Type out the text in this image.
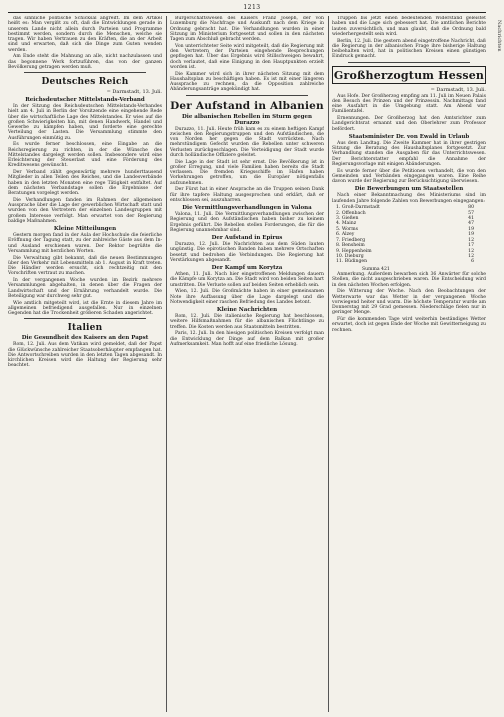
1213
Nachrichten

das sinnliche politische Schicksal angreift. Im dem Artikel heißt es: Man vergißt zu oft, daß die Entwicklungen gerade in unserem Lande nicht allein durch Parteien und Programme bestimmt werden, sondern durch die Menschen, welche sie tragen. Wir haben Vertrauen zu den Kräften, die an der Arbeit sind und erwarten, daß sich die Dinge zum Guten wenden werden.

Am Ende steht die Mahnung an alle, nicht nachzulassen und das begonnene Werk fortzuführen, das von der ganzen Bevölkerung getragen werden muß.

Deutsches Reich
= Darmstadt, 13. Juli.
Reichsdeutscher Mittelstands-Verband

In der Sitzung des Reichsdeutschen Mittelstands-Verbandes hielt am 4. Juli in Berlin der Vorsitzende eine eingehende Rede über die wirtschaftliche Lage des Mittelstandes. Er wies auf die großen Schwierigkeiten hin, mit denen Handwerk, Handel und Gewerbe zu kämpfen haben, und forderte eine gerechte Verteilung der Lasten. Die Versammlung stimmte den Ausführungen einmütig zu.

Es wurde ferner beschlossen, eine Eingabe an die Reichsregierung zu richten, in der die Wünsche des Mittelstandes dargelegt werden sollen. Insbesondere wird eine Erleichterung der Steuerlast und eine Förderung des Kreditwesens gewünscht.

Der Verband zählt gegenwärtig mehrere hunderttausend Mitglieder in allen Teilen des Reiches, und die Landesverbände haben in den letzten Monaten eine rege Tätigkeit entfaltet. Auf dem nächsten Verbandstage sollen die Ergebnisse der Beratungen vorgelegt werden.

Die Verhandlungen fanden im Rahmen der allgemeinen Aussprache über die Lage der gewerblichen Wirtschaft statt und wurden von den Vertretern der einzelnen Landesgruppen mit großem Interesse verfolgt. Man erwartet von der Regierung baldige Maßnahmen.

Kleine Mitteilungen

Gestern morgen fand in der Aula der Hochschule die feierliche Eröffnung der Tagung statt, zu der zahlreiche Gäste aus dem In- und Ausland erschienen waren. Der Rektor begrüßte die Versammlung mit herzlichen Worten.

Die Verwaltung gibt bekannt, daß die neuen Bestimmungen über den Verkehr mit Lebensmitteln ab 1. August in Kraft treten. Die Händler werden ersucht, sich rechtzeitig mit den Vorschriften vertraut zu machen.

In der vergangenen Woche wurden im Bezirk mehrere Versammlungen abgehalten, in denen über die Fragen der Landwirtschaft und der Ernährung verhandelt wurde. Die Beteiligung war durchweg sehr gut.

Wie amtlich mitgeteilt wird, ist die Ernte in diesem Jahre im allgemeinen befriedigend ausgefallen. Nur in einzelnen Gegenden hat die Trockenheit größeren Schaden angerichtet.

Italien
Die Gesundheit des Kaisers an den Papst

Rom, 12. Juli. Aus dem Vatikan wird gemeldet, daß der Papst die Glückwünsche zahlreicher Staatsoberhäupter empfangen hat. Die Antwortschreiben wurden in den letzten Tagen abgesandt. In kirchlichen Kreisen wird die Haltung der Regierung sehr beachtet.

Bürgerschaftswesen des Kaisers Franz Joseph, der von Luxemburg die Nachfrage und Auskunft nach dem Kriege in Ordnung gebracht hat. Die Verhandlungen wurden in einer Sitzung im Ministerium fortgesetzt und sollen in den nächsten Tagen zum Abschluß gebracht werden.

Von unterrichteter Seite wird mitgeteilt, daß die Regierung mit den Vertretern der Parteien eingehende Besprechungen gepflogen hat. Über das Ergebnis wird Stillschweigen bewahrt, doch verlautet, daß eine Einigung in den Hauptpunkten erzielt worden ist.

Die Kammer wird sich in ihrer nächsten Sitzung mit dem Haushaltsplan zu beschäftigen haben. Es ist mit einer längeren Aussprache zu rechnen, da die Opposition zahlreiche Abänderungsanträge angekündigt hat.

Der Aufstand in Albanien
Die albanischen Rebellen im Sturm gegen Durazzo

Durazzo, 11. Juli. Heute früh kam es zu einem heftigen Kampf zwischen den Regierungstruppen und den Aufständischen, die von Norden her gegen die Stadt vorrückten. Nach mehrstündigem Gefecht wurden die Rebellen unter schweren Verlusten zurückgeschlagen. Die Verteidigung der Stadt wurde durch holländische Offiziere geleitet.

Die Lage in der Stadt ist sehr ernst. Die Bevölkerung ist in großer Erregung, und viele Familien haben bereits die Stadt verlassen. Die fremden Kriegsschiffe im Hafen haben Vorkehrungen getroffen, um die Europäer nötigenfalls aufzunehmen.

Der Fürst hat in einer Ansprache an die Truppen seinen Dank für ihre tapfere Haltung ausgesprochen und erklärt, daß er entschlossen sei, auszuharren.

Die Vermittlungsverhandlungen in Valona

Valona, 11. Juli. Die Vermittlungsverhandlungen zwischen der Regierung und den Aufständischen haben bisher zu keinem Ergebnis geführt. Die Rebellen stellen Forderungen, die für die Regierung unannehmbar sind.

Der Aufstand in Epirus

Durazzo, 12. Juli. Die Nachrichten aus dem Süden lauten ungünstig. Die epirotischen Banden haben mehrere Ortschaften besetzt und bedrohen die Verbindungen. Die Regierung hat Verstärkungen abgesandt.

Der Kampf um Korytza

Athen, 11. Juli. Nach hier eingetroffenen Meldungen dauern die Kämpfe um Korytza an. Die Stadt wird von beiden Seiten hart umstritten. Die Verluste sollen auf beiden Seiten erheblich sein.

Wien, 12. Juli. Die Großmächte haben in einer gemeinsamen Note ihre Auffassung über die Lage dargelegt und die Notwendigkeit einer raschen Befriedung des Landes betont.

Kleine Nachrichten

Rom, 12. Juli. Die italienische Regierung hat beschlossen, weitere Hilfsmaßnahmen für die albanischen Flüchtlinge zu treffen. Die Kosten werden aus Staatsmitteln bestritten.

Paris, 12. Juli. In den hiesigen politischen Kreisen verfolgt man die Entwicklung der Dinge auf dem Balkan mit großer Aufmerksamkeit. Man hofft auf eine friedliche Lösung.

Truppen bis jetzt einen bedeutenden Widerstand geleistet haben und die Lage sich gebessert hat. Die amtlichen Berichte lauten zuversichtlich, und man glaubt, daß die Ordnung bald wiederhergestellt sein wird.

Berlin, 12. Juli. Die gestern abend eingetroffene Nachricht, daß die Regierung in der albanischen Frage ihre bisherige Haltung beibehalten wird, hat in politischen Kreisen einen günstigen Eindruck gemacht.

Großherzogtum Hessen
= Darmstadt, 13. Juli.

Aus Hofe. Der Großherzog empfing am 11. Juli im Neuen Palais den Besuch des Prinzen und der Prinzessin. Nachmittags fand eine Ausfahrt in die Umgebung statt. Am Abend war Familientafel.

Ernennungen. Der Großherzog hat den Amtsrichter zum Landgerichtsrat ernannt und den Oberlehrer zum Professor befördert.

Staatsminister Dr. von Ewald in Urlaub

Aus dem Landtag. Die Zweite Kammer hat in ihrer gestrigen Sitzung die Beratung des Haushaltsplanes fortgesetzt. Zur Verhandlung standen die Ausgaben für das Unterrichtswesen. Der Berichterstatter empfahl die Annahme der Regierungsvorlage mit einigen Abänderungen.

Es wurde ferner über die Petitionen verhandelt, die von den Gemeinden und Verbänden eingegangen waren. Eine Reihe davon wurde der Regierung zur Berücksichtigung überwiesen.

Die Bewerbungen um Staatsstellen

Nach einer Bekanntmachung des Ministeriums sind im laufenden Jahre folgende Zahlen von Bewerbungen eingegangen:

1. Groß-Darmstadt	80
2. Offenbach	57
3. Gießen	41
4. Mainz	47
5. Worms	19
6. Alzey	19
7. Friedberg	12
8. Bensheim	17
9. Heppenheim	12
10. Dieburg	12
11. Büdingen	6
Summa 421

Anmerkung. Außerdem bewarben sich 36 Anwärter für solche Stellen, die nicht ausgeschrieben waren. Die Entscheidung wird in den nächsten Wochen erfolgen.

Die Witterung der Woche. Nach den Beobachtungen der Wetterwarte war das Wetter in der vergangenen Woche vorwiegend heiter und warm. Die höchste Temperatur wurde am Donnerstag mit 29 Grad gemessen. Niederschläge fielen nur in geringer Menge.

Für die kommenden Tage wird weiterhin beständiges Wetter erwartet, doch ist gegen Ende der Woche mit Gewitterneigung zu rechnen.
